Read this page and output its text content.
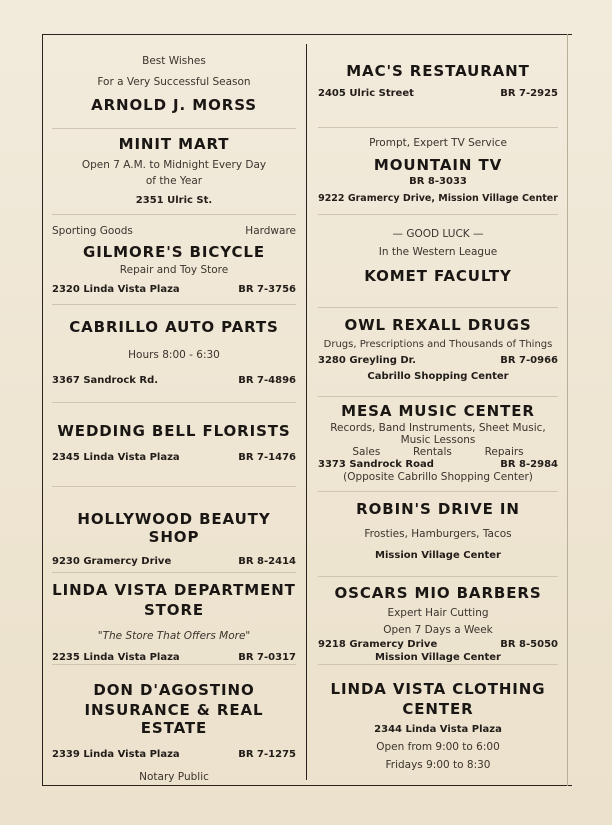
Best Wishes
For a Very Successful Season
ARNOLD J. MORSS
MINIT MART
Open 7 A.M. to Midnight Every Day
of the Year
2351 Ulric St.
Sporting Goods	Hardware
GILMORE'S BICYCLE
Repair and Toy Store
2320 Linda Vista Plaza	BR 7-3756
CABRILLO AUTO PARTS
Hours 8:00 - 6:30
3367 Sandrock Rd.	BR 7-4896
WEDDING BELL FLORISTS
2345 Linda Vista Plaza	BR 7-1476
HOLLYWOOD BEAUTY SHOP
9230 Gramercy Drive	BR 8-2414
LINDA VISTA DEPARTMENT
STORE
"The Store That Offers More"
2235 Linda Vista Plaza	BR 7-0317
DON D'AGOSTINO
INSURANCE & REAL ESTATE
2339 Linda Vista Plaza	BR 7-1275
Notary Public
MAC'S RESTAURANT
2405 Ulric Street	BR 7-2925
Prompt, Expert TV Service
MOUNTAIN TV
BR 8-3033
9222 Gramercy Drive, Mission Village Center
— GOOD LUCK —
In the Western League
KOMET FACULTY
OWL REXALL DRUGS
Drugs, Prescriptions and Thousands of Things
3280 Greyling Dr.	BR 7-0966
Cabrillo Shopping Center
MESA MUSIC CENTER
Records, Band Instruments, Sheet Music,
Music Lessons
Sales	Rentals	Repairs
3373 Sandrock Road	BR 8-2984
(Opposite Cabrillo Shopping Center)
ROBIN'S DRIVE IN
Frosties, Hamburgers, Tacos
Mission Village Center
OSCARS MIO BARBERS
Expert Hair Cutting
Open 7 Days a Week
9218 Gramercy Drive	BR 8-5050
Mission Village Center
LINDA VISTA CLOTHING
CENTER
2344 Linda Vista Plaza
Open from 9:00 to 6:00
Fridays 9:00 to 8:30
